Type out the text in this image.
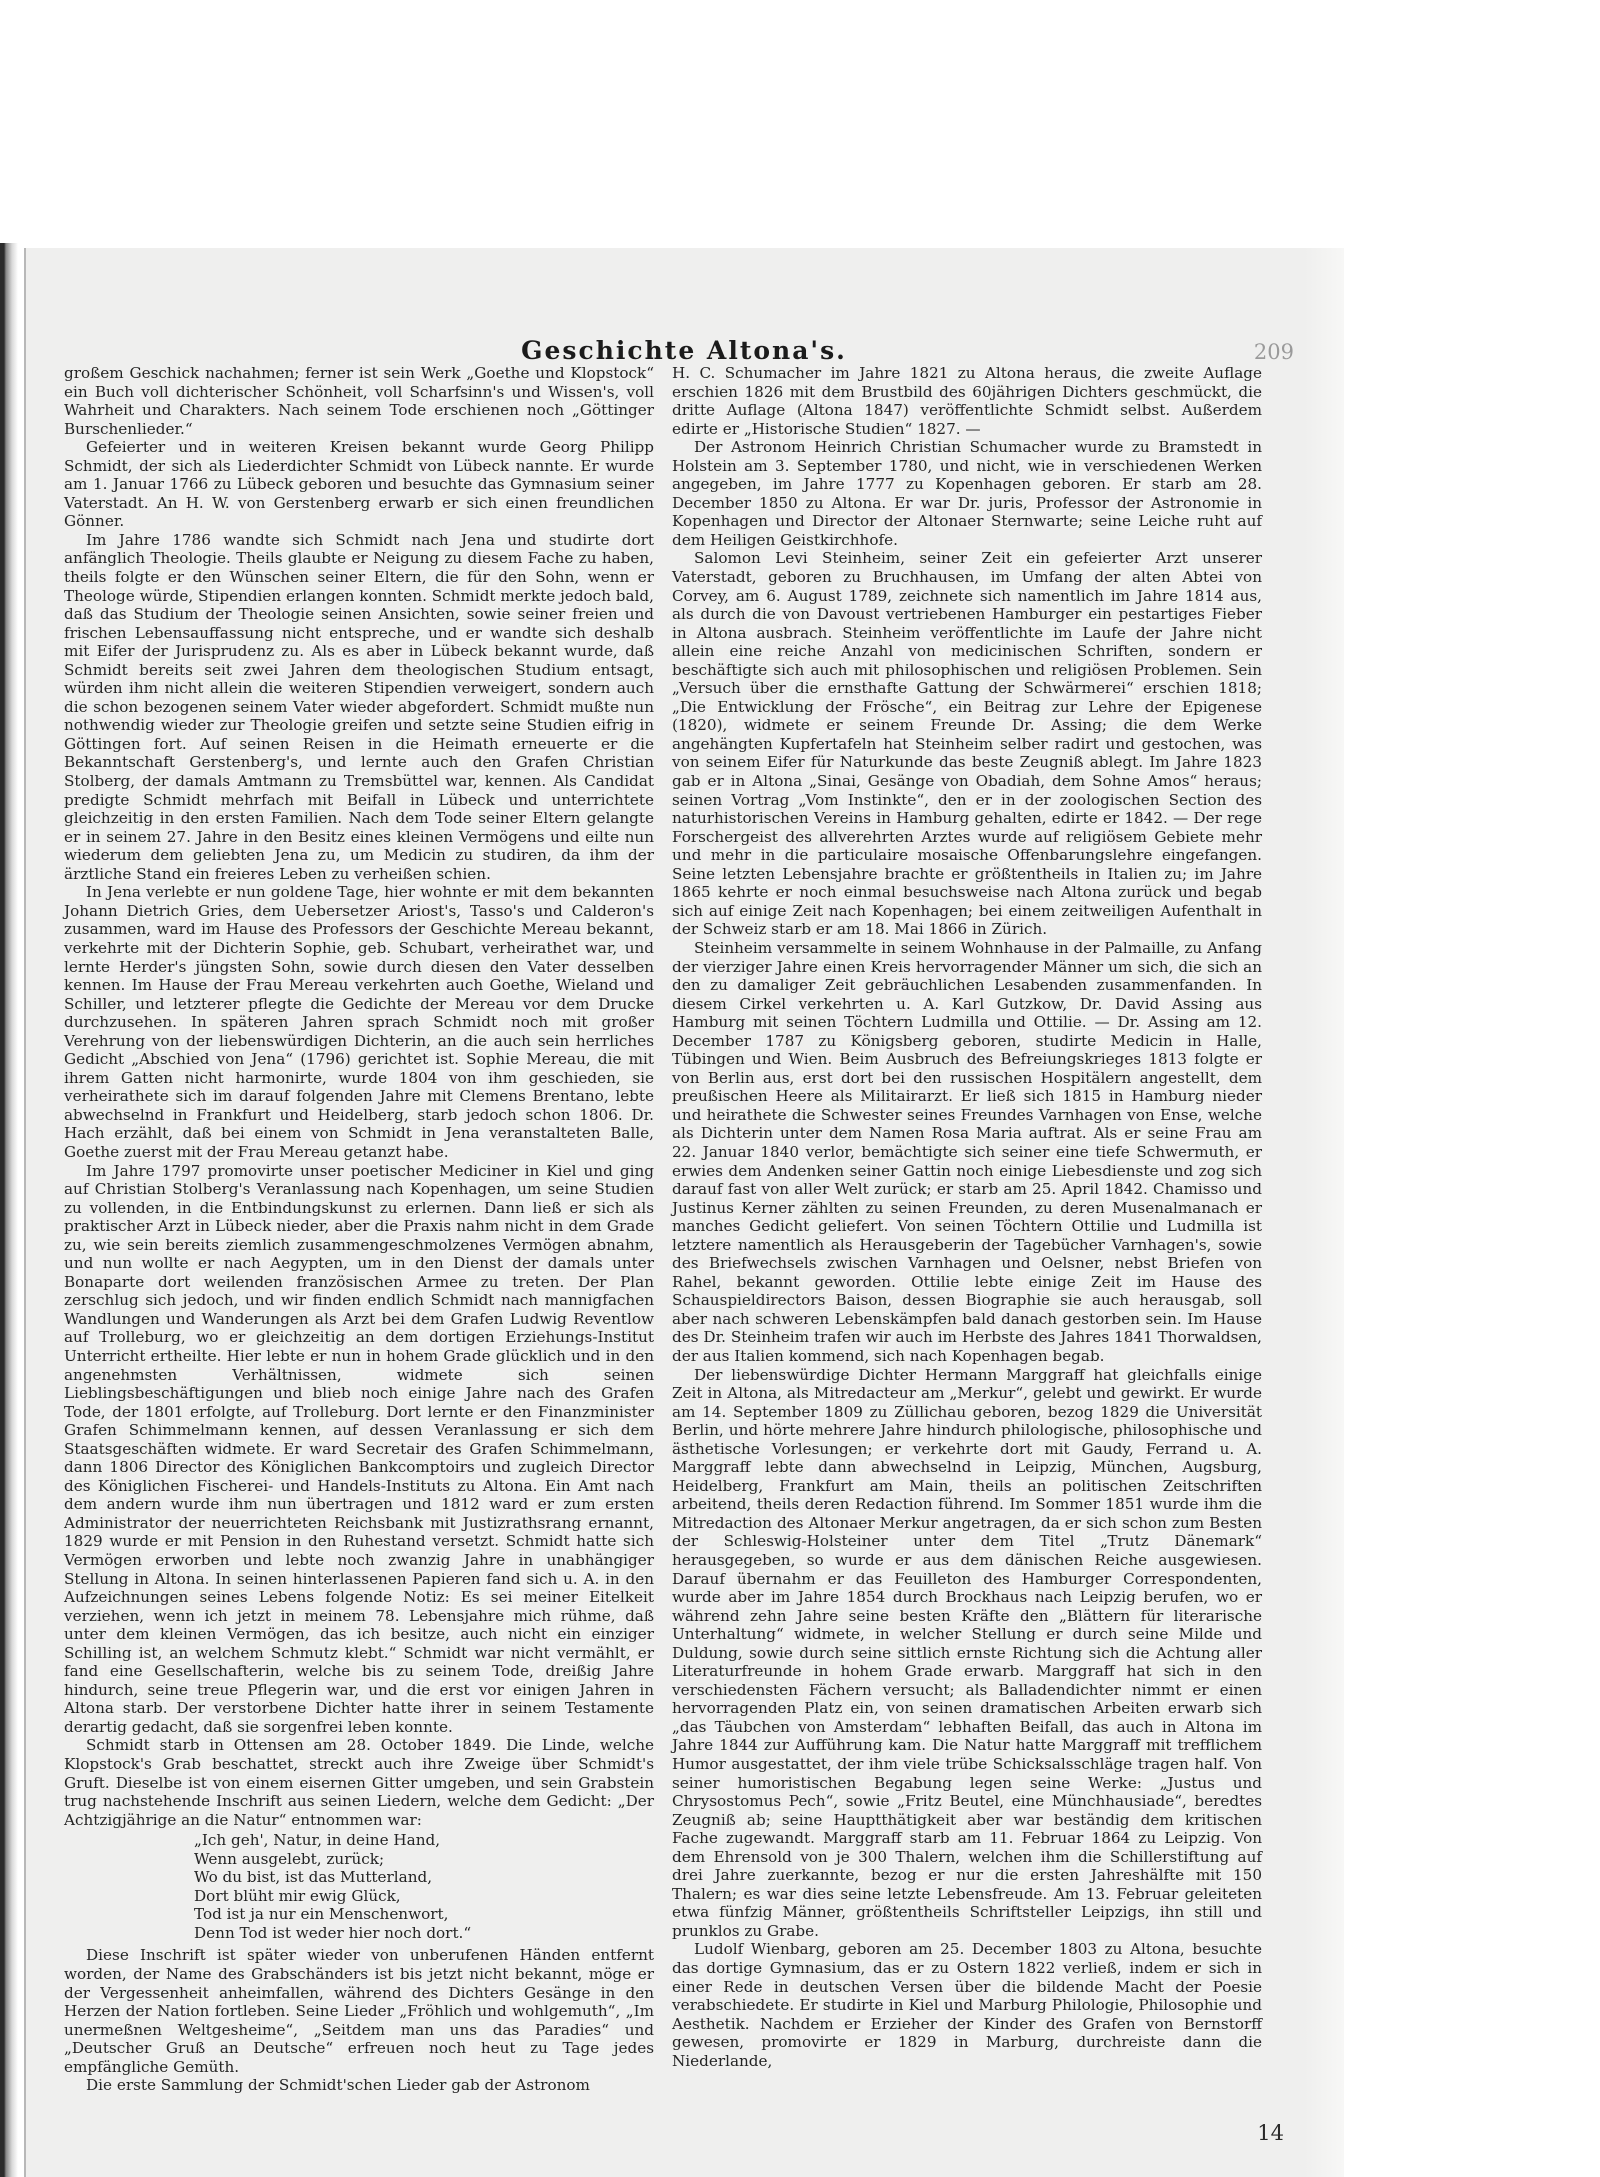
Geschichte Altona's.	209

großem Geschick nachahmen; ferner ist sein Werk „Goethe und Klopstock“ ein Buch voll dichterischer Schönheit, voll Scharfsinn's und Wissen's, voll Wahrheit und Charakters. Nach seinem Tode erschienen noch „Göttinger Burschenlieder.“

Gefeierter und in weiteren Kreisen bekannt wurde Georg Philipp Schmidt, der sich als Liederdichter Schmidt von Lübeck nannte. Er wurde am 1. Januar 1766 zu Lübeck geboren und besuchte das Gymnasium seiner Vaterstadt. An H. W. von Gerstenberg erwarb er sich einen freundlichen Gönner.

Im Jahre 1786 wandte sich Schmidt nach Jena und studirte dort anfänglich Theologie. Theils glaubte er Neigung zu diesem Fache zu haben, theils folgte er den Wünschen seiner Eltern, die für den Sohn, wenn er Theologe würde, Stipendien erlangen konnten. Schmidt merkte jedoch bald, daß das Studium der Theologie seinen Ansichten, sowie seiner freien und frischen Lebensauffassung nicht entspreche, und er wandte sich deshalb mit Eifer der Jurisprudenz zu. Als es aber in Lübeck bekannt wurde, daß Schmidt bereits seit zwei Jahren dem theologischen Studium entsagt, würden ihm nicht allein die weiteren Stipendien verweigert, sondern auch die schon bezogenen seinem Vater wieder abgefordert. Schmidt mußte nun nothwendig wieder zur Theologie greifen und setzte seine Studien eifrig in Göttingen fort. Auf seinen Reisen in die Heimath erneuerte er die Bekanntschaft Gerstenberg's, und lernte auch den Grafen Christian Stolberg, der damals Amtmann zu Tremsbüttel war, kennen. Als Candidat predigte Schmidt mehrfach mit Beifall in Lübeck und unterrichtete gleichzeitig in den ersten Familien. Nach dem Tode seiner Eltern gelangte er in seinem 27. Jahre in den Besitz eines kleinen Vermögens und eilte nun wiederum dem geliebten Jena zu, um Medicin zu studiren, da ihm der ärztliche Stand ein freieres Leben zu verheißen schien.

In Jena verlebte er nun goldene Tage, hier wohnte er mit dem bekannten Johann Dietrich Gries, dem Uebersetzer Ariost's, Tasso's und Calderon's zusammen, ward im Hause des Professors der Geschichte Mereau bekannt, verkehrte mit der Dichterin Sophie, geb. Schubart, verheirathet war, und lernte Herder's jüngsten Sohn, sowie durch diesen den Vater desselben kennen. Im Hause der Frau Mereau verkehrten auch Goethe, Wieland und Schiller, und letzterer pflegte die Gedichte der Mereau vor dem Drucke durchzusehen. In späteren Jahren sprach Schmidt noch mit großer Verehrung von der liebenswürdigen Dichterin, an die auch sein herrliches Gedicht „Abschied von Jena“ (1796) gerichtet ist. Sophie Mereau, die mit ihrem Gatten nicht harmonirte, wurde 1804 von ihm geschieden, sie verheirathete sich im darauf folgenden Jahre mit Clemens Brentano, lebte abwechselnd in Frankfurt und Heidelberg, starb jedoch schon 1806. Dr. Hach erzählt, daß bei einem von Schmidt in Jena veranstalteten Balle, Goethe zuerst mit der Frau Mereau getanzt habe.

Im Jahre 1797 promovirte unser poetischer Mediciner in Kiel und ging auf Christian Stolberg's Veranlassung nach Kopenhagen, um seine Studien zu vollenden, in die Entbindungskunst zu erlernen. Dann ließ er sich als praktischer Arzt in Lübeck nieder, aber die Praxis nahm nicht in dem Grade zu, wie sein bereits ziemlich zusammengeschmolzenes Vermögen abnahm, und nun wollte er nach Aegypten, um in den Dienst der damals unter Bonaparte dort weilenden französischen Armee zu treten. Der Plan zerschlug sich jedoch, und wir finden endlich Schmidt nach mannigfachen Wandlungen und Wanderungen als Arzt bei dem Grafen Ludwig Reventlow auf Trolleburg, wo er gleichzeitig an dem dortigen Erziehungs-Institut Unterricht ertheilte. Hier lebte er nun in hohem Grade glücklich und in den angenehmsten Verhältnissen, widmete sich seinen Lieblingsbeschäftigungen und blieb noch einige Jahre nach des Grafen Tode, der 1801 erfolgte, auf Trolleburg. Dort lernte er den Finanzminister Grafen Schimmelmann kennen, auf dessen Veranlassung er sich dem Staatsgeschäften widmete. Er ward Secretair des Grafen Schimmelmann, dann 1806 Director des Königlichen Bankcomptoirs und zugleich Director des Königlichen Fischerei- und Handels-Instituts zu Altona. Ein Amt nach dem andern wurde ihm nun übertragen und 1812 ward er zum ersten Administrator der neuerrichteten Reichsbank mit Justizrathsrang ernannt, 1829 wurde er mit Pension in den Ruhestand versetzt. Schmidt hatte sich Vermögen erworben und lebte noch zwanzig Jahre in unabhängiger Stellung in Altona. In seinen hinterlassenen Papieren fand sich u. A. in den Aufzeichnungen seines Lebens folgende Notiz: Es sei meiner Eitelkeit verziehen, wenn ich jetzt in meinem 78. Lebensjahre mich rühme, daß unter dem kleinen Vermögen, das ich besitze, auch nicht ein einziger Schilling ist, an welchem Schmutz klebt.“ Schmidt war nicht vermählt, er fand eine Gesellschafterin, welche bis zu seinem Tode, dreißig Jahre hindurch, seine treue Pflegerin war, und die erst vor einigen Jahren in Altona starb. Der verstorbene Dichter hatte ihrer in seinem Testamente derartig gedacht, daß sie sorgenfrei leben konnte.

Schmidt starb in Ottensen am 28. October 1849. Die Linde, welche Klopstock's Grab beschattet, streckt auch ihre Zweige über Schmidt's Gruft. Dieselbe ist von einem eisernen Gitter umgeben, und sein Grabstein trug nachstehende Inschrift aus seinen Liedern, welche dem Gedicht: „Der Achtzigjährige an die Natur“ entnommen war:

„Ich geh', Natur, in deine Hand,
Wenn ausgelebt, zurück;
Wo du bist, ist das Mutterland,
Dort blüht mir ewig Glück,
Tod ist ja nur ein Menschenwort,
Denn Tod ist weder hier noch dort.“

Diese Inschrift ist später wieder von unberufenen Händen entfernt worden, der Name des Grabschänders ist bis jetzt nicht bekannt, möge er der Vergessenheit anheimfallen, während des Dichters Gesänge in den Herzen der Nation fortleben. Seine Lieder „Fröhlich und wohlgemuth“, „Im unermeßnen Weltgesheime“, „Seitdem man uns das Paradies“ und „Deutscher Gruß an Deutsche“ erfreuen noch heut zu Tage jedes empfängliche Gemüth.

Die erste Sammlung der Schmidt'schen Lieder gab der Astronom

H. C. Schumacher im Jahre 1821 zu Altona heraus, die zweite Auflage erschien 1826 mit dem Brustbild des 60jährigen Dichters geschmückt, die dritte Auflage (Altona 1847) veröffentlichte Schmidt selbst. Außerdem edirte er „Historische Studien“ 1827. —

Der Astronom Heinrich Christian Schumacher wurde zu Bramstedt in Holstein am 3. September 1780, und nicht, wie in verschiedenen Werken angegeben, im Jahre 1777 zu Kopenhagen geboren. Er starb am 28. December 1850 zu Altona. Er war Dr. juris, Professor der Astronomie in Kopenhagen und Director der Altonaer Sternwarte; seine Leiche ruht auf dem Heiligen Geistkirchhofe.

Salomon Levi Steinheim, seiner Zeit ein gefeierter Arzt unserer Vaterstadt, geboren zu Bruchhausen, im Umfang der alten Abtei von Corvey, am 6. August 1789, zeichnete sich namentlich im Jahre 1814 aus, als durch die von Davoust vertriebenen Hamburger ein pestartiges Fieber in Altona ausbrach. Steinheim veröffentlichte im Laufe der Jahre nicht allein eine reiche Anzahl von medicinischen Schriften, sondern er beschäftigte sich auch mit philosophischen und religiösen Problemen. Sein „Versuch über die ernsthafte Gattung der Schwärmerei“ erschien 1818; „Die Entwicklung der Frösche“, ein Beitrag zur Lehre der Epigenese (1820), widmete er seinem Freunde Dr. Assing; die dem Werke angehängten Kupfertafeln hat Steinheim selber radirt und gestochen, was von seinem Eifer für Naturkunde das beste Zeugniß ablegt. Im Jahre 1823 gab er in Altona „Sinai, Gesänge von Obadiah, dem Sohne Amos“ heraus; seinen Vortrag „Vom Instinkte“, den er in der zoologischen Section des naturhistorischen Vereins in Hamburg gehalten, edirte er 1842. — Der rege Forschergeist des allverehrten Arztes wurde auf religiösem Gebiete mehr und mehr in die particulaire mosaische Offenbarungslehre eingefangen. Seine letzten Lebensjahre brachte er größtentheils in Italien zu; im Jahre 1865 kehrte er noch einmal besuchsweise nach Altona zurück und begab sich auf einige Zeit nach Kopenhagen; bei einem zeitweiligen Aufenthalt in der Schweiz starb er am 18. Mai 1866 in Zürich.

Steinheim versammelte in seinem Wohnhause in der Palmaille, zu Anfang der vierziger Jahre einen Kreis hervorragender Männer um sich, die sich an den zu damaliger Zeit gebräuchlichen Lesabenden zusammenfanden. In diesem Cirkel verkehrten u. A. Karl Gutzkow, Dr. David Assing aus Hamburg mit seinen Töchtern Ludmilla und Ottilie. — Dr. Assing am 12. December 1787 zu Königsberg geboren, studirte Medicin in Halle, Tübingen und Wien. Beim Ausbruch des Befreiungskrieges 1813 folgte er von Berlin aus, erst dort bei den russischen Hospitälern angestellt, dem preußischen Heere als Militairarzt. Er ließ sich 1815 in Hamburg nieder und heirathete die Schwester seines Freundes Varnhagen von Ense, welche als Dichterin unter dem Namen Rosa Maria auftrat. Als er seine Frau am 22. Januar 1840 verlor, bemächtigte sich seiner eine tiefe Schwermuth, er erwies dem Andenken seiner Gattin noch einige Liebesdienste und zog sich darauf fast von aller Welt zurück; er starb am 25. April 1842. Chamisso und Justinus Kerner zählten zu seinen Freunden, zu deren Musenalmanach er manches Gedicht geliefert. Von seinen Töchtern Ottilie und Ludmilla ist letztere namentlich als Herausgeberin der Tagebücher Varnhagen's, sowie des Briefwechsels zwischen Varnhagen und Oelsner, nebst Briefen von Rahel, bekannt geworden. Ottilie lebte einige Zeit im Hause des Schauspieldirectors Baison, dessen Biographie sie auch herausgab, soll aber nach schweren Lebenskämpfen bald danach gestorben sein. Im Hause des Dr. Steinheim trafen wir auch im Herbste des Jahres 1841 Thorwaldsen, der aus Italien kommend, sich nach Kopenhagen begab.

Der liebenswürdige Dichter Hermann Marggraff hat gleichfalls einige Zeit in Altona, als Mitredacteur am „Merkur“, gelebt und gewirkt. Er wurde am 14. September 1809 zu Züllichau geboren, bezog 1829 die Universität Berlin, und hörte mehrere Jahre hindurch philologische, philosophische und ästhetische Vorlesungen; er verkehrte dort mit Gaudy, Ferrand u. A. Marggraff lebte dann abwechselnd in Leipzig, München, Augsburg, Heidelberg, Frankfurt am Main, theils an politischen Zeitschriften arbeitend, theils deren Redaction führend. Im Sommer 1851 wurde ihm die Mitredaction des Altonaer Merkur angetragen, da er sich schon zum Besten der Schleswig-Holsteiner unter dem Titel „Trutz Dänemark“ herausgegeben, so wurde er aus dem dänischen Reiche ausgewiesen. Darauf übernahm er das Feuilleton des Hamburger Correspondenten, wurde aber im Jahre 1854 durch Brockhaus nach Leipzig berufen, wo er während zehn Jahre seine besten Kräfte den „Blättern für literarische Unterhaltung“ widmete, in welcher Stellung er durch seine Milde und Duldung, sowie durch seine sittlich ernste Richtung sich die Achtung aller Literaturfreunde in hohem Grade erwarb. Marggraff hat sich in den verschiedensten Fächern versucht; als Balladendichter nimmt er einen hervorragenden Platz ein, von seinen dramatischen Arbeiten erwarb sich „das Täubchen von Amsterdam“ lebhaften Beifall, das auch in Altona im Jahre 1844 zur Aufführung kam. Die Natur hatte Marggraff mit trefflichem Humor ausgestattet, der ihm viele trübe Schicksalsschläge tragen half. Von seiner humoristischen Begabung legen seine Werke: „Justus und Chrysostomus Pech“, sowie „Fritz Beutel, eine Münchhausiade“, beredtes Zeugniß ab; seine Hauptthätigkeit aber war beständig dem kritischen Fache zugewandt. Marggraff starb am 11. Februar 1864 zu Leipzig. Von dem Ehrensold von je 300 Thalern, welchen ihm die Schillerstiftung auf drei Jahre zuerkannte, bezog er nur die ersten Jahreshälfte mit 150 Thalern; es war dies seine letzte Lebensfreude. Am 13. Februar geleiteten etwa fünfzig Männer, größtentheils Schriftsteller Leipzigs, ihn still und prunklos zu Grabe.

Ludolf Wienbarg, geboren am 25. December 1803 zu Altona, besuchte das dortige Gymnasium, das er zu Ostern 1822 verließ, indem er sich in einer Rede in deutschen Versen über die bildende Macht der Poesie verabschiedete. Er studirte in Kiel und Marburg Philologie, Philosophie und Aesthetik. Nachdem er Erzieher der Kinder des Grafen von Bernstorff gewesen, promovirte er 1829 in Marburg, durchreiste dann die Niederlande,

14
